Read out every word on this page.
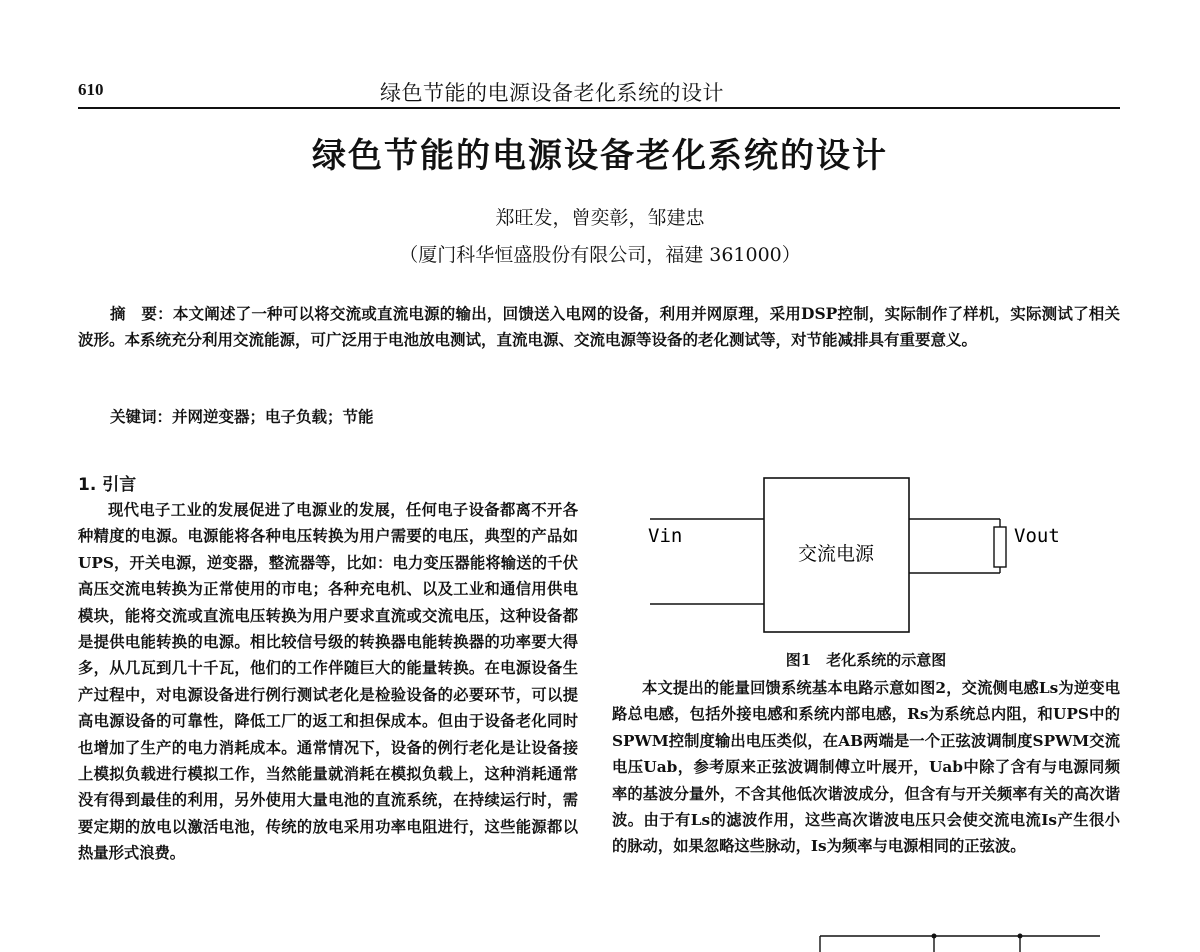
610	绿色节能的电源设备老化系统的设计
绿色节能的电源设备老化系统的设计
郑旺发，曾奕彰，邹建忠
（厦门科华恒盛股份有限公司，福建 361000）
摘　要：本文阐述了一种可以将交流或直流电源的输出，回馈送入电网的设备，利用并网原理，采用DSP控制，实际制作了样机，实际测试了相关波形。本系统充分利用交流能源，可广泛用于电池放电测试，直流电源、交流电源等设备的老化测试等，对节能减排具有重要意义。
关键词：并网逆变器；电子负载；节能
1. 引言
现代电子工业的发展促进了电源业的发展，任何电子设备都离不开各种精度的电源。电源能将各种电压转换为用户需要的电压，典型的产品如UPS，开关电源，逆变器，整流器等，比如：电力变压器能将输送的千伏高压交流电转换为正常使用的市电；各种充电机、以及工业和通信用供电模块，能将交流或直流电压转换为用户要求直流或交流电压，这种设备都是提供电能转换的电源。相比较信号级的转换器电能转换器的功率要大得多，从几瓦到几十千瓦，他们的工作伴随巨大的能量转换。在电源设备生产过程中，对电源设备进行例行测试老化是检验设备的必要环节，可以提高电源设备的可靠性，降低工厂的返工和担保成本。但由于设备老化同时也增加了生产的电力消耗成本。通常情况下，设备的例行老化是让设备接上模拟负载进行模拟工作，当然能量就消耗在模拟负载上，这种消耗通常没有得到最佳的利用，另外使用大量电池的直流系统，在持续运行时，需要定期的放电以激活电池，传统的放电采用功率电阻进行，这些能源都以热量形式浪费。
Vin
交流电源
Vout
图1　老化系统的示意图
本文提出的能量回馈系统基本电路示意如图2，交流侧电感Ls为逆变电路总电感，包括外接电感和系统内部电感，Rs为系统总内阻，和UPS中的SPWM控制度输出电压类似，在AB两端是一个正弦波调制度SPWM交流电压Uab，参考原来正弦波调制傅立叶展开，Uab中除了含有与电源同频率的基波分量外，不含其他低次谐波成分，但含有与开关频率有关的高次谐波。由于有Ls的滤波作用，这些高次谐波电压只会使交流电流Is产生很小的脉动，如果忽略这些脉动，Is为频率与电源相同的正弦波。
